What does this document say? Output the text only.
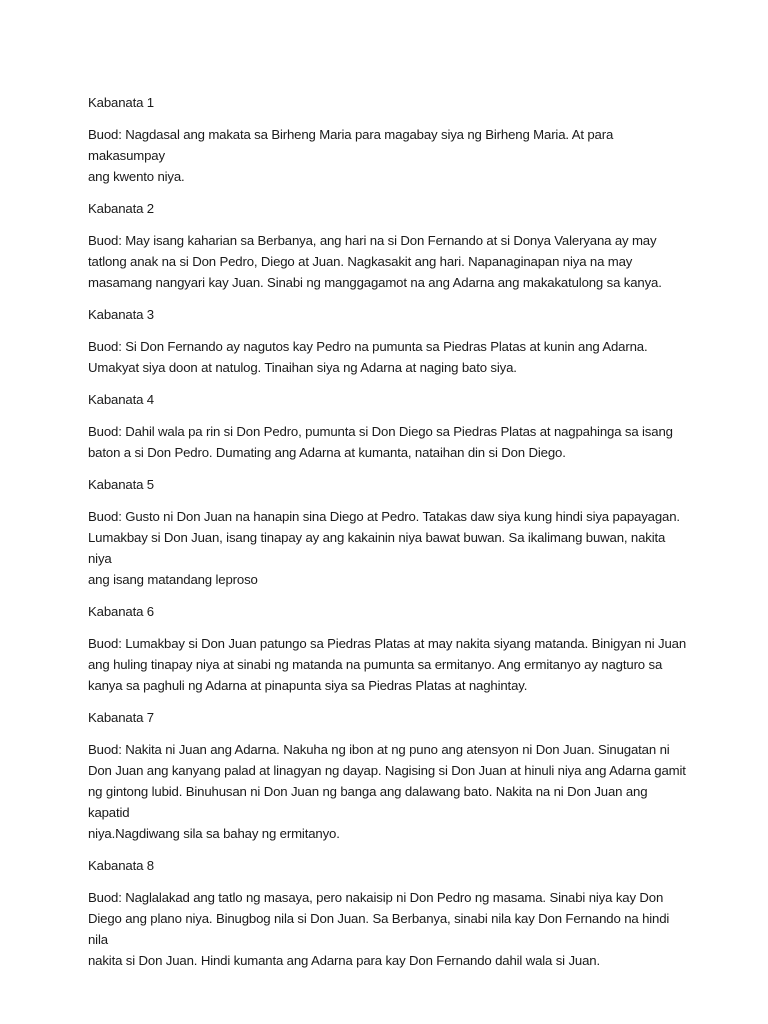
Kabanata 1

Buod: Nagdasal ang makata sa Birheng Maria para magabay siya ng Birheng Maria. At para makasumpay
ang kwento niya.

Kabanata 2

Buod: May isang kaharian sa Berbanya, ang hari na si Don Fernando at si Donya Valeryana ay may
tatlong anak na si Don Pedro, Diego at Juan. Nagkasakit ang hari. Napanaginapan niya na may
masamang nangyari kay Juan. Sinabi ng manggagamot na ang Adarna ang makakatulong sa kanya.

Kabanata 3

Buod: Si Don Fernando ay nagutos kay Pedro na pumunta sa Piedras Platas at kunin ang Adarna.
Umakyat siya doon at natulog. Tinaihan siya ng Adarna at naging bato siya.

Kabanata 4

Buod: Dahil wala pa rin si Don Pedro, pumunta si Don Diego sa Piedras Platas at nagpahinga sa isang
baton a si Don Pedro. Dumating ang Adarna at kumanta, nataihan din si Don Diego.

Kabanata 5

Buod: Gusto ni Don Juan na hanapin sina Diego at Pedro. Tatakas daw siya kung hindi siya papayagan.
Lumakbay si Don Juan, isang tinapay ay ang kakainin niya bawat buwan. Sa ikalimang buwan, nakita niya
ang isang matandang leproso

Kabanata 6

Buod: Lumakbay si Don Juan patungo sa Piedras Platas at may nakita siyang matanda. Binigyan ni Juan
ang huling tinapay niya at sinabi ng matanda na pumunta sa ermitanyo. Ang ermitanyo ay nagturo sa
kanya sa paghuli ng Adarna at pinapunta siya sa Piedras Platas at naghintay.

Kabanata 7

Buod: Nakita ni Juan ang Adarna. Nakuha ng ibon at ng puno ang atensyon ni Don Juan. Sinugatan ni
Don Juan ang kanyang palad at linagyan ng dayap. Nagising si Don Juan at hinuli niya ang Adarna gamit
ng gintong lubid. Binuhusan ni Don Juan ng banga ang dalawang bato. Nakita na ni Don Juan ang kapatid
niya.Nagdiwang sila sa bahay ng ermitanyo.

Kabanata 8

Buod: Naglalakad ang tatlo ng masaya, pero nakaisip ni Don Pedro ng masama. Sinabi niya kay Don
Diego ang plano niya. Binugbog nila si Don Juan. Sa Berbanya, sinabi nila kay Don Fernando na hindi nila
nakita si Don Juan. Hindi kumanta ang Adarna para kay Don Fernando dahil wala si Juan.
